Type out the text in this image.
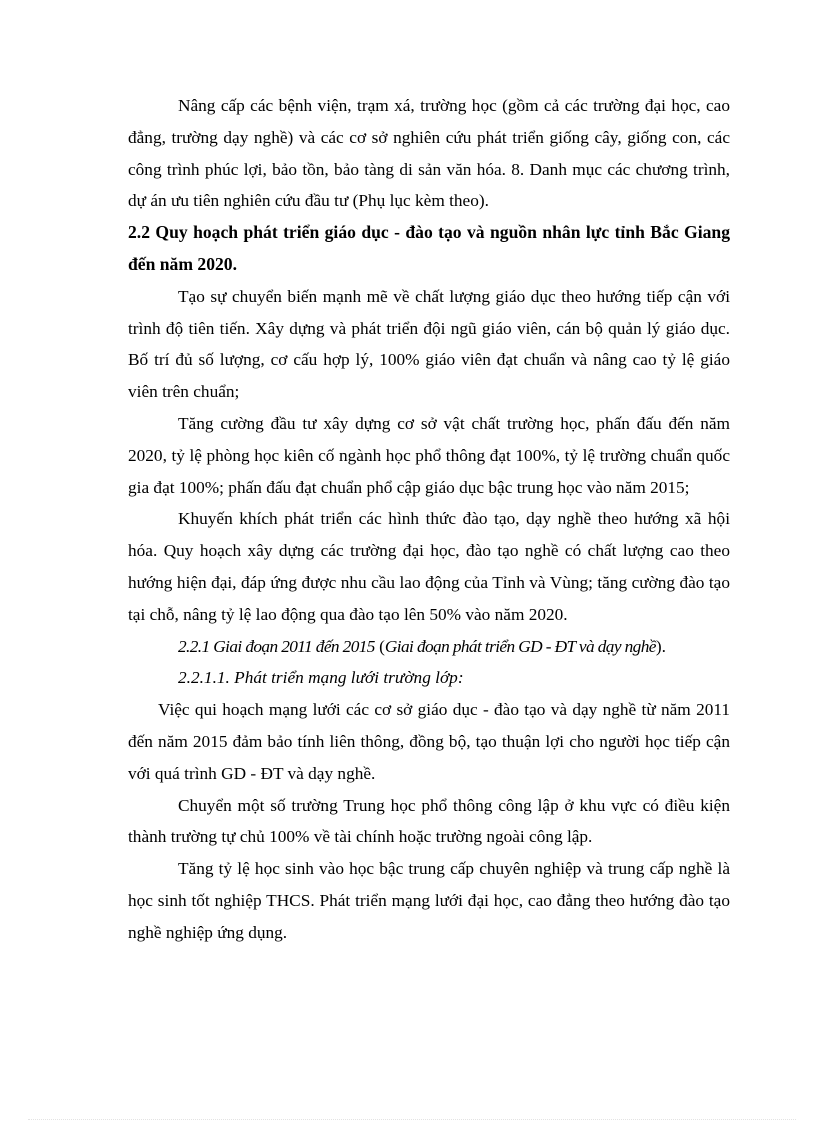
Nâng cấp các bệnh viện, trạm xá, trường học (gồm cả các trường đại học, cao đẳng, trường dạy nghề) và các cơ sở nghiên cứu phát triển giống cây, giống con, các công trình phúc lợi, bảo tồn, bảo tàng di sản văn hóa. 8. Danh mục các chương trình, dự án ưu tiên nghiên cứu đầu tư (Phụ lục kèm theo).

2.2 Quy hoạch phát triển giáo dục - đào tạo và nguồn nhân lực tỉnh Bắc Giang đến năm 2020.

Tạo sự chuyển biến mạnh mẽ về chất lượng giáo dục theo hướng tiếp cận với trình độ tiên tiến. Xây dựng và phát triển đội ngũ giáo viên, cán bộ quản lý giáo dục. Bố trí đủ số lượng, cơ cấu hợp lý, 100% giáo viên đạt chuẩn và nâng cao tỷ lệ giáo viên trên chuẩn;

Tăng cường đầu tư xây dựng cơ sở vật chất trường học, phấn đấu đến năm 2020, tỷ lệ phòng học kiên cố ngành học phổ thông đạt 100%, tỷ lệ trường chuẩn quốc gia đạt 100%; phấn đấu đạt chuẩn phổ cập giáo dục bậc trung học vào năm 2015;

Khuyến khích phát triển các hình thức đào tạo, dạy nghề theo hướng xã hội hóa. Quy hoạch xây dựng các trường đại học, đào tạo nghề có chất lượng cao theo hướng hiện đại, đáp ứng được nhu cầu lao động của Tỉnh và Vùng; tăng cường đào tạo tại chỗ, nâng tỷ lệ lao động qua đào tạo lên 50% vào năm 2020.

2.2.1 Giai đoạn 2011 đến 2015 (Giai đoạn phát triển GD - ĐT và dạy nghề).

2.2.1.1. Phát triển mạng lưới trường lớp:

Việc qui hoạch mạng lưới các cơ sở giáo dục - đào tạo và dạy nghề từ năm 2011 đến năm 2015 đảm bảo tính liên thông, đồng bộ, tạo thuận lợi cho người học tiếp cận với quá trình GD - ĐT và dạy nghề.

Chuyển một số trường Trung học phổ thông công lập ở khu vực có điều kiện thành trường tự chủ 100% về tài chính hoặc trường ngoài công lập.

Tăng tỷ lệ học sinh vào học bậc trung cấp chuyên nghiệp và trung cấp nghề là học sinh tốt nghiệp THCS. Phát triển mạng lưới đại học, cao đẳng theo hướng đào tạo nghề nghiệp ứng dụng.
